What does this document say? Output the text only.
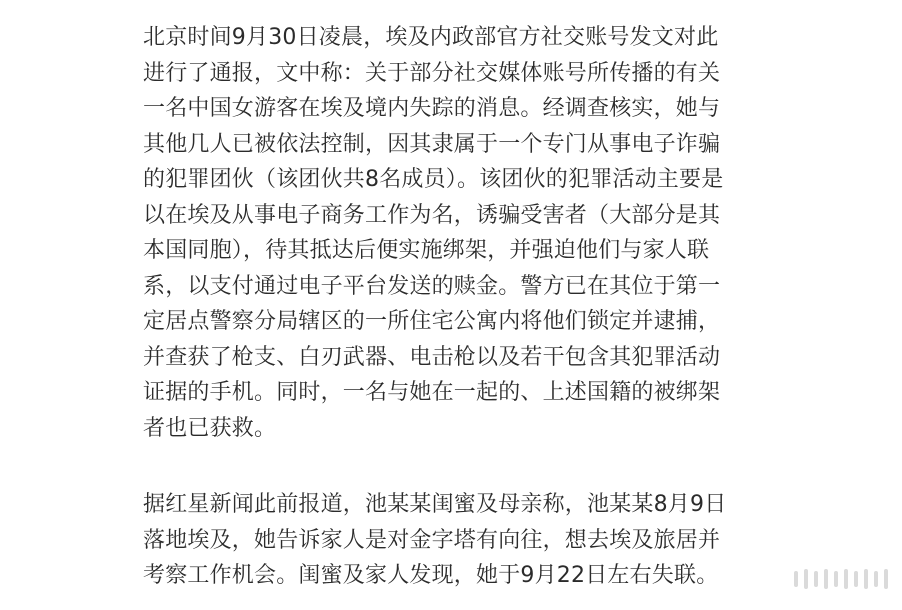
北京时间9月30日凌晨，埃及内政部官方社交账号发文对此
进行了通报，文中称：关于部分社交媒体账号所传播的有关
一名中国女游客在埃及境内失踪的消息。经调查核实，她与
其他几人已被依法控制，因其隶属于一个专门从事电子诈骗
的犯罪团伙（该团伙共8名成员）。该团伙的犯罪活动主要是
以在埃及从事电子商务工作为名，诱骗受害者（大部分是其
本国同胞），待其抵达后便实施绑架，并强迫他们与家人联
系，以支付通过电子平台发送的赎金。警方已在其位于第一
定居点警察分局辖区的一所住宅公寓内将他们锁定并逮捕，
并查获了枪支、白刃武器、电击枪以及若干包含其犯罪活动
证据的手机。同时，一名与她在一起的、上述国籍的被绑架
者也已获救。
据红星新闻此前报道，池某某闺蜜及母亲称，池某某8月9日
落地埃及，她告诉家人是对金字塔有向往，想去埃及旅居并
考察工作机会。闺蜜及家人发现，她于9月22日左右失联。
